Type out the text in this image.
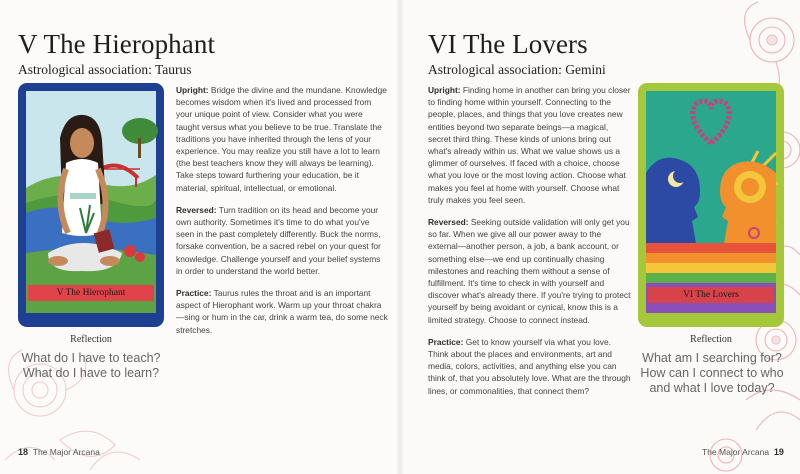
V The Hierophant
Astrological association: Taurus
V The Hierophant

Upright: Bridge the divine and the mundane. Knowledge becomes wisdom when it's lived and processed from your unique point of view. Consider what you were taught versus what you believe to be true. Translate the traditions you have inherited through the lens of your experience. You may realize you still have a lot to learn (the best teachers know they will always be learning). Take steps toward furthering your education, be it material, spiritual, intellectual, or emotional.

Reversed: Turn tradition on its head and become your own authority. Sometimes it's time to do what you've seen in the past completely differently. Buck the norms, forsake convention, be a sacred rebel on your quest for knowledge. Challenge yourself and your belief systems in order to understand the world better.

Practice: Taurus rules the throat and is an important aspect of Hierophant work. Warm up your throat chakra—sing or hum in the car, drink a warm tea, do some neck stretches.

Reflection
What do I have to teach?
What do I have to learn?
18 The Major Arcana
VI The Lovers
Astrological association: Gemini

Upright: Finding home in another can bring you closer to finding home within yourself. Connecting to the people, places, and things that you love creates new entities beyond two separate beings—a magical, secret third thing. These kinds of unions bring out what's already within us. What we value shows us a glimmer of ourselves. If faced with a choice, choose what you love or the most loving action. Choose what makes you feel at home with yourself. Choose what truly makes you feel seen.

Reversed: Seeking outside validation will only get you so far. When we give all our power away to the external—another person, a job, a bank account, or something else—we end up continually chasing milestones and reaching them without a sense of fulfillment. It's time to check in with yourself and discover what's already there. If you're trying to protect yourself by being avoidant or cynical, know this is a limited strategy. Choose to connect instead.

Practice: Get to know yourself via what you love. Think about the places and environments, art and media, colors, activities, and anything else you can think of, that you absolutely love. What are the through lines, or commonalities, that connect them?

VI The Lovers
Reflection
What am I searching for?
How can I connect to who
and what I love today?
The Major Arcana 19
